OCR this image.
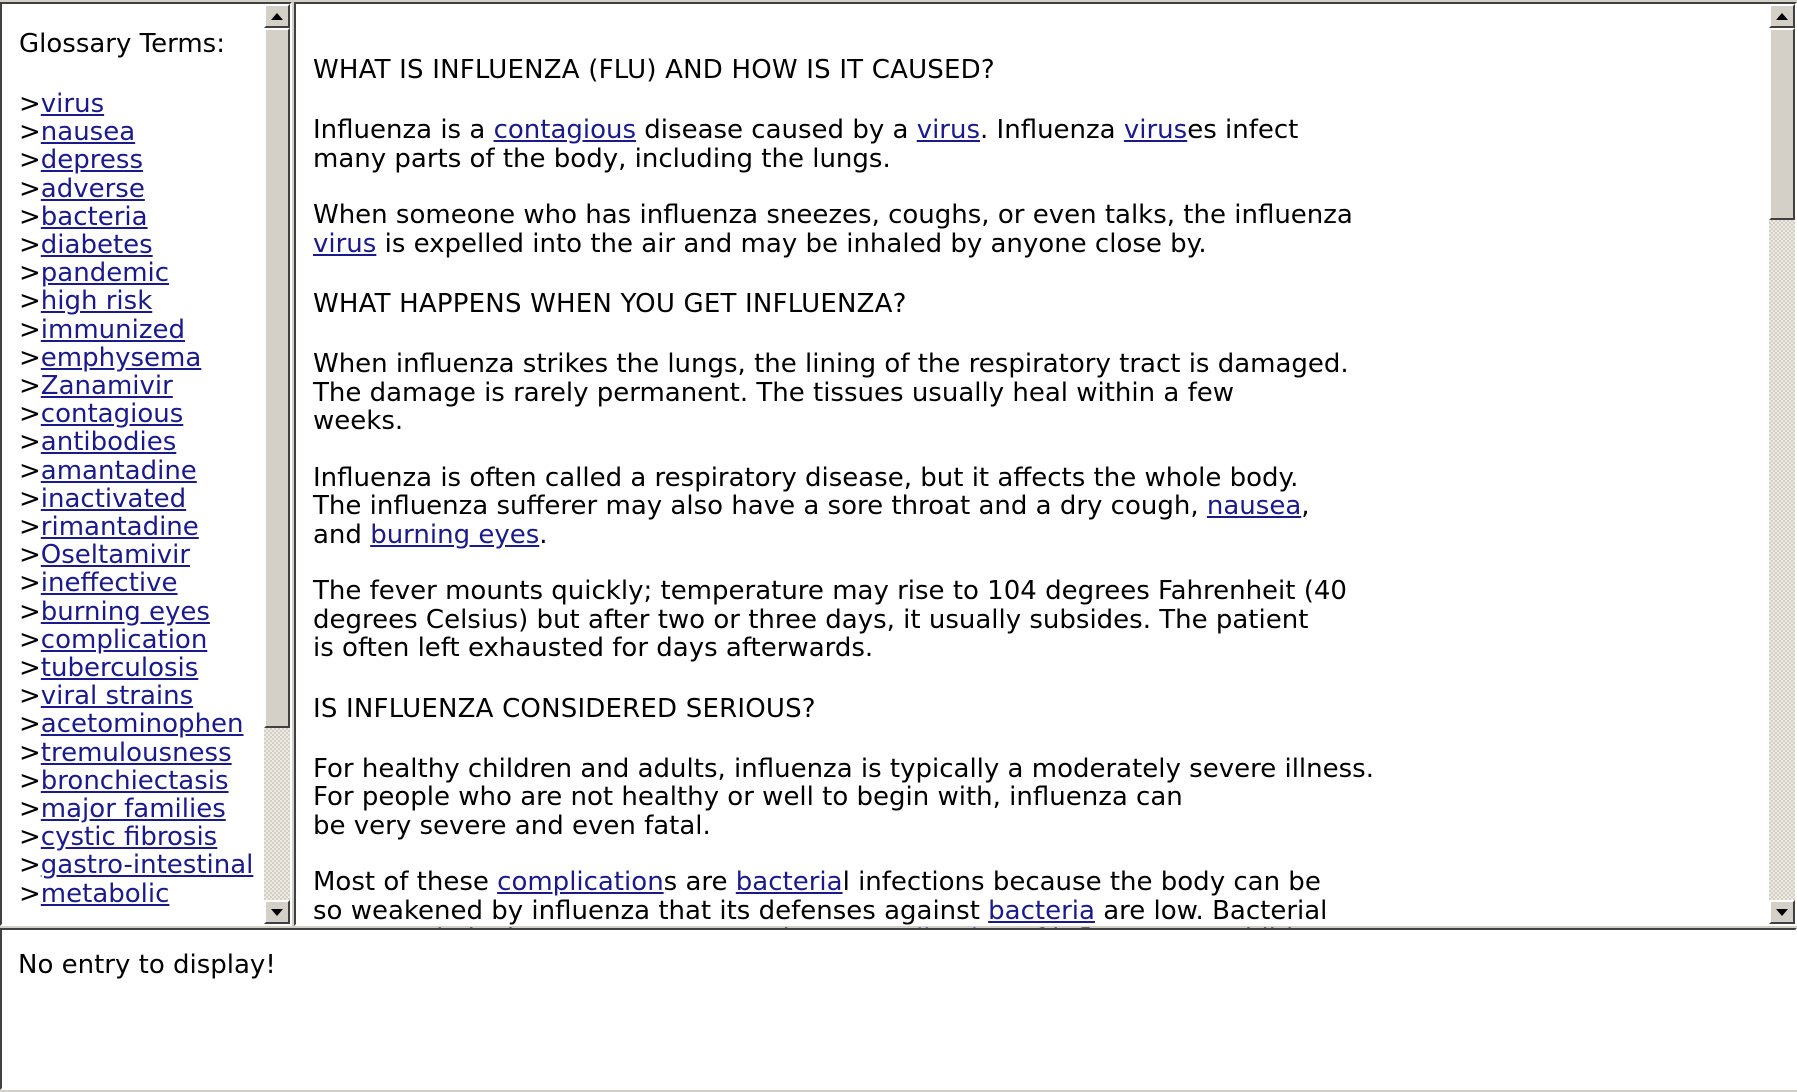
Glossary Terms:
>virus
>nausea
>depress
>adverse
>bacteria
>diabetes
>pandemic
>high risk
>immunized
>emphysema
>Zanamivir
>contagious
>antibodies
>amantadine
>inactivated
>rimantadine
>Oseltamivir
>ineffective
>burning eyes
>complication
>tuberculosis
>viral strains
>acetominophen
>tremulousness
>bronchiectasis
>major families
>cystic fibrosis
>gastro-intestinal
>metabolic
WHAT IS INFLUENZA (FLU) AND HOW IS IT CAUSED?

Influenza is a contagious disease caused by a virus. Influenza viruses infect
many parts of the body, including the lungs.

When someone who has influenza sneezes, coughs, or even talks, the influenza
virus is expelled into the air and may be inhaled by anyone close by.

WHAT HAPPENS WHEN YOU GET INFLUENZA?

When influenza strikes the lungs, the lining of the respiratory tract is damaged.
The damage is rarely permanent. The tissues usually heal within a few
weeks.

Influenza is often called a respiratory disease, but it affects the whole body.
The influenza sufferer may also have a sore throat and a dry cough, nausea,
and burning eyes.

The fever mounts quickly; temperature may rise to 104 degrees Fahrenheit (40
degrees Celsius) but after two or three days, it usually subsides. The patient
is often left exhausted for days afterwards.

IS INFLUENZA CONSIDERED SERIOUS?

For healthy children and adults, influenza is typically a moderately severe illness.
For people who are not healthy or well to begin with, influenza can
be very severe and even fatal.

Most of these complications are bacterial infections because the body can be
so weakened by influenza that its defenses against bacteria are low. Bacterial

No entry to display!
